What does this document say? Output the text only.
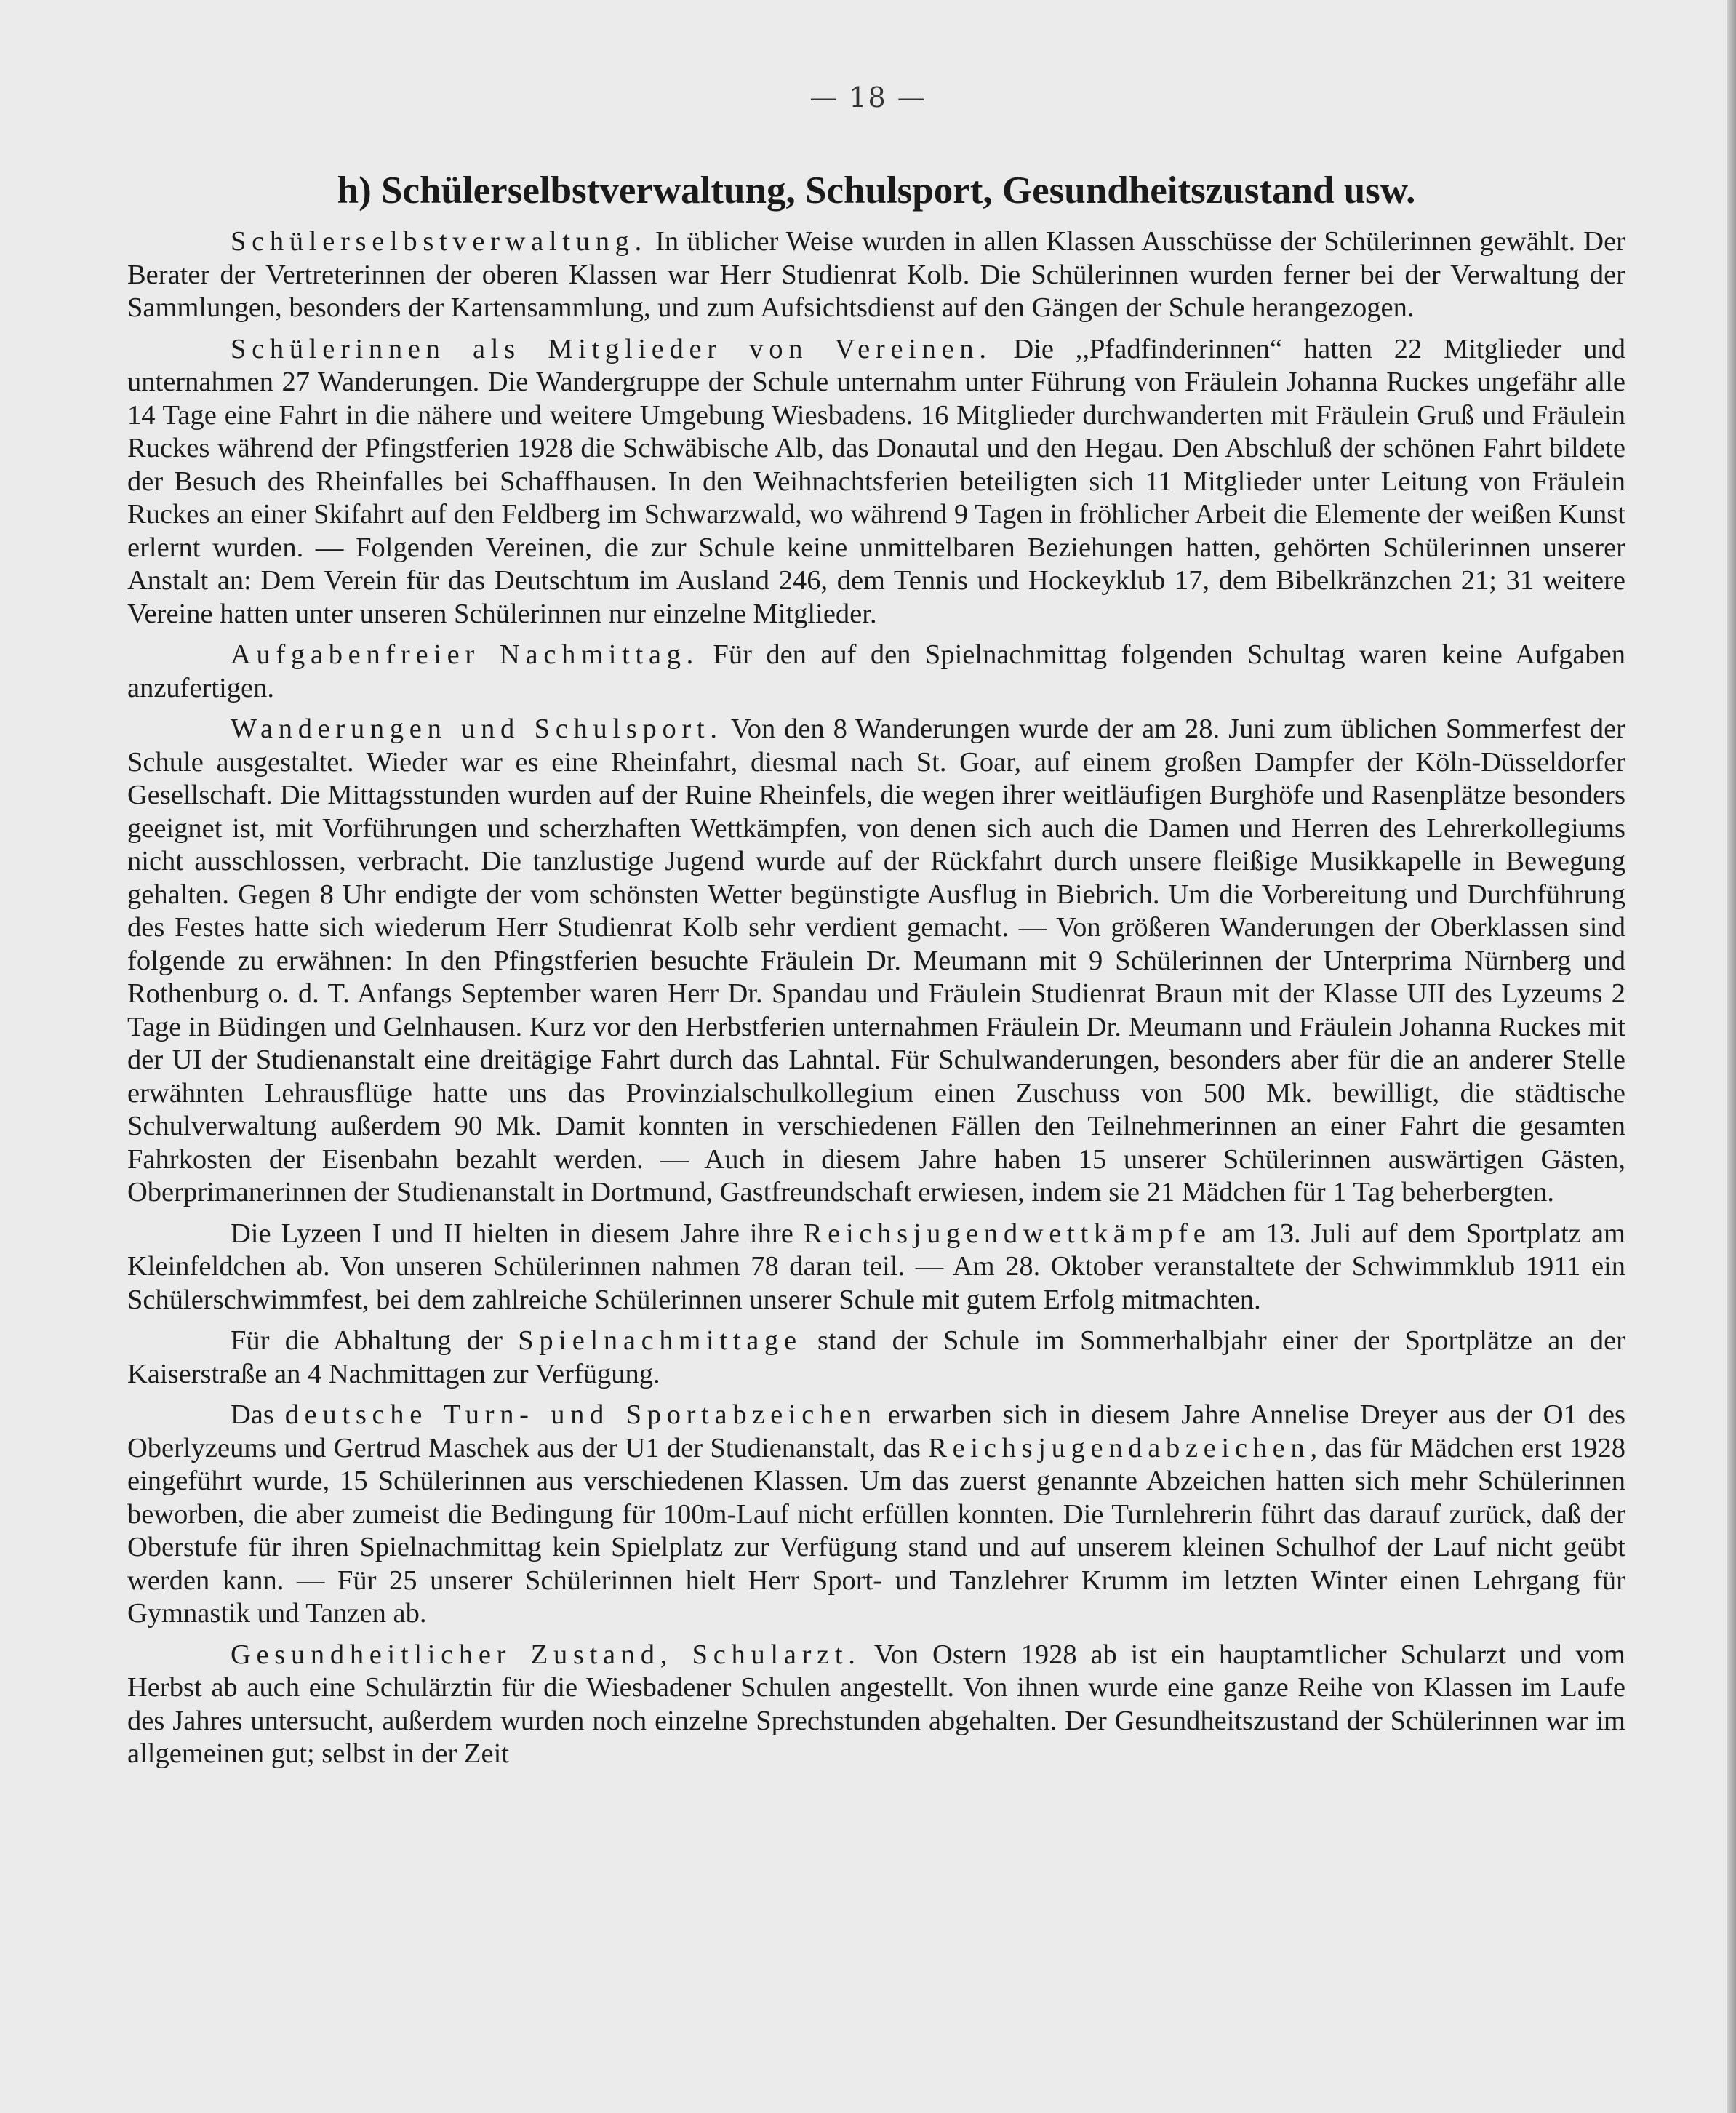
— 18 —
h) Schülerselbstverwaltung, Schulsport, Gesundheitszustand usw.

Schülerselbstverwaltung. In üblicher Weise wurden in allen Klassen Ausschüsse der Schülerinnen gewählt. Der Berater der Vertreterinnen der oberen Klassen war Herr Studienrat Kolb. Die Schülerinnen wurden ferner bei der Verwaltung der Sammlungen, besonders der Kartensammlung, und zum Aufsichtsdienst auf den Gängen der Schule herangezogen.

Schülerinnen als Mitglieder von Vereinen. Die ,,Pfadfinderinnen“ hatten 22 Mitglieder und unternahmen 27 Wanderungen. Die Wandergruppe der Schule unternahm unter Führung von Fräulein Johanna Ruckes ungefähr alle 14 Tage eine Fahrt in die nähere und weitere Umgebung Wiesbadens. 16 Mitglieder durchwanderten mit Fräulein Gruß und Fräulein Ruckes während der Pfingstferien 1928 die Schwäbische Alb, das Donautal und den Hegau. Den Abschluß der schönen Fahrt bildete der Besuch des Rheinfalles bei Schaffhausen. In den Weihnachtsferien beteiligten sich 11 Mitglieder unter Leitung von Fräulein Ruckes an einer Skifahrt auf den Feldberg im Schwarzwald, wo während 9 Tagen in fröhlicher Arbeit die Elemente der weißen Kunst erlernt wurden. — Folgenden Vereinen, die zur Schule keine unmittelbaren Beziehungen hatten, gehörten Schülerinnen unserer Anstalt an: Dem Verein für das Deutschtum im Ausland 246, dem Tennis und Hockeyklub 17, dem Bibelkränzchen 21; 31 weitere Vereine hatten unter unseren Schülerinnen nur einzelne Mitglieder.

Aufgabenfreier Nachmittag. Für den auf den Spielnachmittag folgenden Schultag waren keine Aufgaben anzufertigen.

Wanderungen und Schulsport. Von den 8 Wanderungen wurde der am 28. Juni zum üblichen Sommerfest der Schule ausgestaltet. Wieder war es eine Rheinfahrt, diesmal nach St. Goar, auf einem großen Dampfer der Köln-Düsseldorfer Gesellschaft. Die Mittagsstunden wurden auf der Ruine Rheinfels, die wegen ihrer weitläufigen Burghöfe und Rasenplätze besonders geeignet ist, mit Vorführungen und scherzhaften Wettkämpfen, von denen sich auch die Damen und Herren des Lehrerkollegiums nicht ausschlossen, verbracht. Die tanzlustige Jugend wurde auf der Rückfahrt durch unsere fleißige Musikkapelle in Bewegung gehalten. Gegen 8 Uhr endigte der vom schönsten Wetter begünstigte Ausflug in Biebrich. Um die Vorbereitung und Durchführung des Festes hatte sich wiederum Herr Studienrat Kolb sehr verdient gemacht. — Von größeren Wanderungen der Oberklassen sind folgende zu erwähnen: In den Pfingstferien besuchte Fräulein Dr. Meumann mit 9 Schülerinnen der Unterprima Nürnberg und Rothenburg o. d. T. Anfangs September waren Herr Dr. Spandau und Fräulein Studienrat Braun mit der Klasse UII des Lyzeums 2 Tage in Büdingen und Gelnhausen. Kurz vor den Herbstferien unternahmen Fräulein Dr. Meumann und Fräulein Johanna Ruckes mit der UI der Studienanstalt eine dreitägige Fahrt durch das Lahntal. Für Schulwanderungen, besonders aber für die an anderer Stelle erwähnten Lehrausflüge hatte uns das Provinzialschulkollegium einen Zuschuss von 500 Mk. bewilligt, die städtische Schulverwaltung außerdem 90 Mk. Damit konnten in verschiedenen Fällen den Teilnehmerinnen an einer Fahrt die gesamten Fahrkosten der Eisenbahn bezahlt werden. — Auch in diesem Jahre haben 15 unserer Schülerinnen auswärtigen Gästen, Oberprimanerinnen der Studienanstalt in Dortmund, Gastfreundschaft erwiesen, indem sie 21 Mädchen für 1 Tag beherbergten.

Die Lyzeen I und II hielten in diesem Jahre ihre Reichsjugendwettkämpfe am 13. Juli auf dem Sportplatz am Kleinfeldchen ab. Von unseren Schülerinnen nahmen 78 daran teil. — Am 28. Oktober veranstaltete der Schwimmklub 1911 ein Schülerschwimmfest, bei dem zahlreiche Schülerinnen unserer Schule mit gutem Erfolg mitmachten.

Für die Abhaltung der Spielnachmittage stand der Schule im Sommerhalbjahr einer der Sportplätze an der Kaiserstraße an 4 Nachmittagen zur Verfügung.

Das deutsche Turn- und Sportabzeichen erwarben sich in diesem Jahre Annelise Dreyer aus der O1 des Oberlyzeums und Gertrud Maschek aus der U1 der Studienanstalt, das Reichsjugendabzeichen, das für Mädchen erst 1928 eingeführt wurde, 15 Schülerinnen aus verschiedenen Klassen. Um das zuerst genannte Abzeichen hatten sich mehr Schülerinnen beworben, die aber zumeist die Bedingung für 100m-Lauf nicht erfüllen konnten. Die Turnlehrerin führt das darauf zurück, daß der Oberstufe für ihren Spielnachmittag kein Spielplatz zur Verfügung stand und auf unserem kleinen Schulhof der Lauf nicht geübt werden kann. — Für 25 unserer Schülerinnen hielt Herr Sport- und Tanzlehrer Krumm im letzten Winter einen Lehrgang für Gymnastik und Tanzen ab.

Gesundheitlicher Zustand, Schularzt. Von Ostern 1928 ab ist ein hauptamtlicher Schularzt und vom Herbst ab auch eine Schulärztin für die Wiesbadener Schulen angestellt. Von ihnen wurde eine ganze Reihe von Klassen im Laufe des Jahres untersucht, außerdem wurden noch einzelne Sprechstunden abgehalten. Der Gesundheitszustand der Schülerinnen war im allgemeinen gut; selbst in der Zeit
